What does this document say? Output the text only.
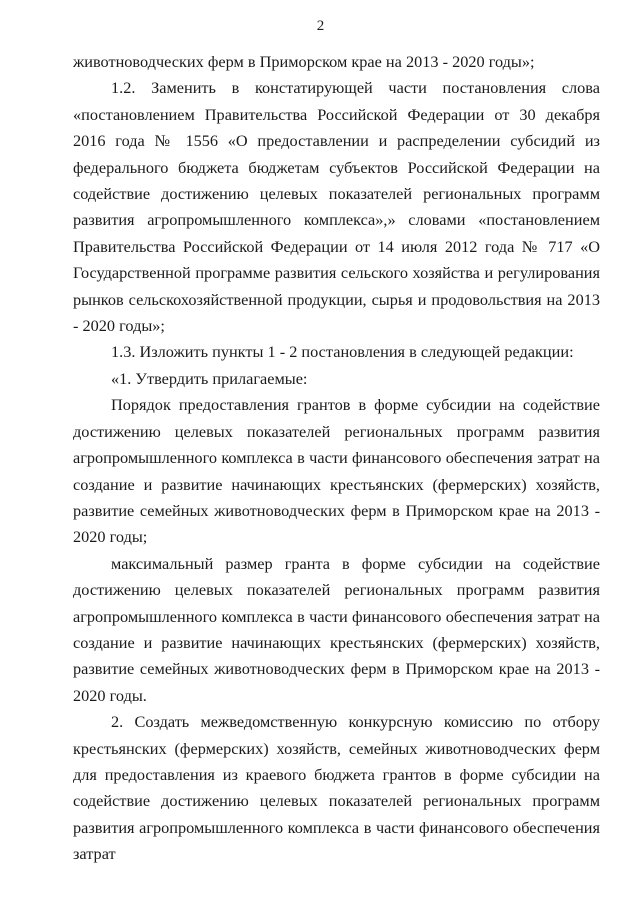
2

животноводческих ферм в Приморском крае на 2013 - 2020 годы»;

1.2. Заменить в констатирующей части постановления слова «постановлением Правительства Российской Федерации от 30 декабря 2016 года № 1556 «О предоставлении и распределении субсидий из федерального бюджета бюджетам субъектов Российской Федерации на содействие достижению целевых показателей региональных программ развития агропромышленного комплекса»,» словами «постановлением Правительства Российской Федерации от 14 июля 2012 года № 717 «О Государственной программе развития сельского хозяйства и регулирования рынков сельскохозяйственной продукции, сырья и продовольствия на 2013 - 2020 годы»;

1.3. Изложить пункты 1 - 2 постановления в следующей редакции:

«1. Утвердить прилагаемые:

Порядок предоставления грантов в форме субсидии на содействие достижению целевых показателей региональных программ развития агропромышленного комплекса в части финансового обеспечения затрат на создание и развитие начинающих крестьянских (фермерских) хозяйств, развитие семейных животноводческих ферм в Приморском крае на 2013 - 2020 годы;

максимальный размер гранта в форме субсидии на содействие достижению целевых показателей региональных программ развития агропромышленного комплекса в части финансового обеспечения затрат на создание и развитие начинающих крестьянских (фермерских) хозяйств, развитие семейных животноводческих ферм в Приморском крае на 2013 - 2020 годы.

2. Создать межведомственную конкурсную комиссию по отбору крестьянских (фермерских) хозяйств, семейных животноводческих ферм для предоставления из краевого бюджета грантов в форме субсидии на содействие достижению целевых показателей региональных программ развития агропромышленного комплекса в части финансового обеспечения затрат
